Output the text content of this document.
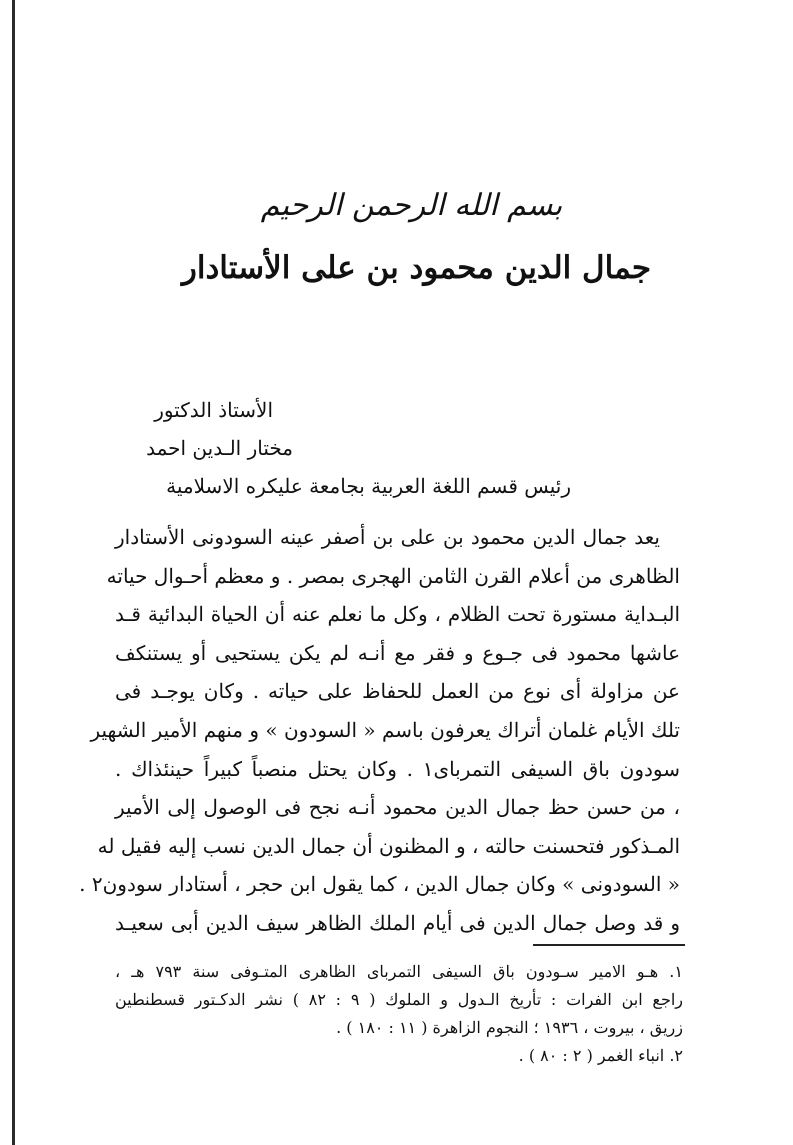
بسم الله الرحمن الرحيم
جمال الدين محمود بن على الأستادار
الأستاذ الدكتور
مختار الـدين احمد
رئيس قسم اللغة العربية بجامعة عليكره الاسلامية
يعد جمال الدين محمود بن على بن أصفر عينه السودونى الأستادار
الظاهرى من أعلام القرن الثامن الهجرى بمصر . و معظم أحـوال حياته
البـداية مستورة تحت الظلام ، وكل ما نعلم عنه أن الحياة البدائية قـد
عاشها محمود فى جـوع و فقر مع أنـه لم يكن يستحيى أو يستنكف
عن مزاولة أى نوع من العمل للحفاظ على حياته . وكان يوجـد فى
تلك الأيام غلمان أتراك يعرفون باسم « السودون » و منهم الأمير الشهير
سودون باق السيفى التمرباى١ . وكان يحتل منصباً كبيراً حينئذاك .
، من حسن حظ جمال الدين محمود أنـه نجح فى الوصول إلى الأمير
المـذكور فتحسنت حالته ، و المظنون أن جمال الدين نسب إليه فقيل له
« السودونى » وكان جمال الدين ، كما يقول ابن حجر ، أستادار سودون٢ .
و قد وصل جمال الدين فى أيام الملك الظاهر سيف الدين أبى سعيـد
١. هـو الامير سـودون باق السيفى التمرباى الظاهرى المتـوفى سنة ٧٩٣ هـ ،
راجع ابن الفرات : تأريخ الـدول و الملوك ( ٩ : ٨٢ ) نشر الدكـتور قسطنطين
زريق ، بيروت ، ١٩٣٦ ؛ النجوم الزاهرة ( ١١ : ١٨٠ ) .
٢. انباء الغمر ( ٢ : ٨٠ ) .
